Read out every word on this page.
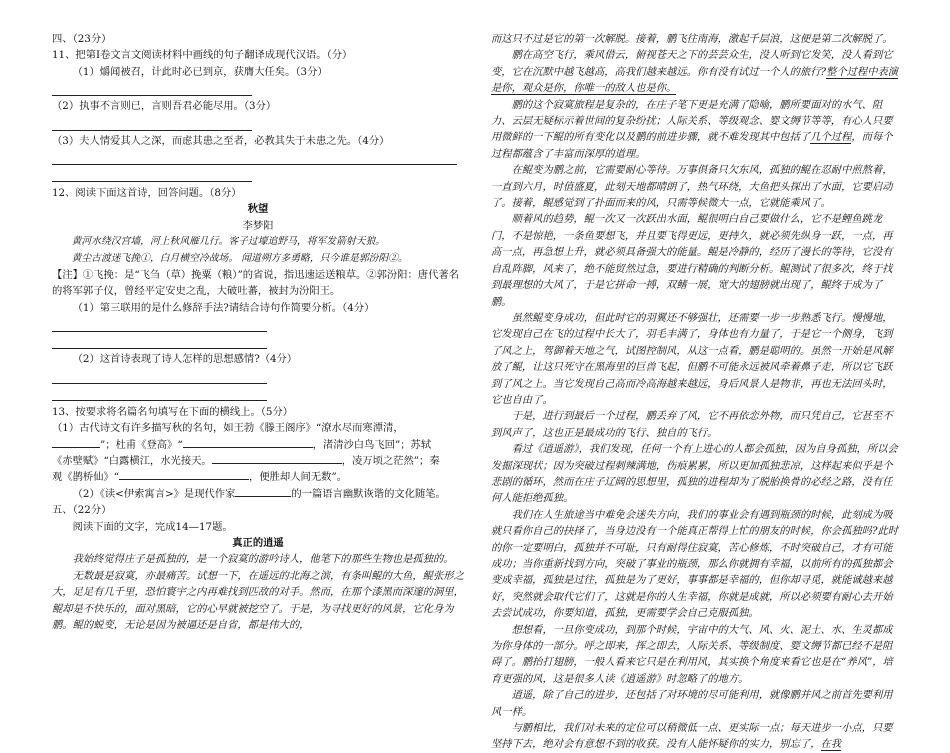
四、（23分）

11、把第Ⅰ卷文言文阅读材料中画线的句子翻译成现代汉语。（分）

（1）爝闻被召，计此时必已到京，获膺大任矣。（3分）

（2）执事不言则已，言则吾君必能尽用。（3分）

（3）夫人情爱其人之深，而虑其患之至者，必教其失于未患之先。（4分）

12、阅读下面这首诗，回答问题。（8分）

秋望

李梦阳

黄河水绕汉宫墙，河上秋风雁几行。客子过壕追野马，将军发箭射天狼。

黄尘古渡迷飞挽①，白月横空冷战场。 闻道朔方多勇略，只今谁是郭汾阳②。

【注】①飞挽：是“飞刍（草）挽粟（粮）”的省说，指迅速运送粮草。②郭汾阳：唐代著名的将军郭子仪，曾经平定安史之乱，大破吐蕃，被封为汾阳王。

（1）第三联用的是什么修辞手法?请结合诗句作简要分析。（4分）

（2）这首诗表现了诗人怎样的思想感情?（4分）

13、按要求将名篇名句填写在下面的横线上。（5分）

（1）古代诗文有许多描写秋的名句，如王勃《滕王阁序》“潦水尽而寒潭清，

”；杜甫《登高》“	，渚清沙白鸟飞回”；苏轼

《赤壁赋》“白露横江，水光接天。	，凌万顷之茫然”；秦

观《鹊桥仙》“	，便胜却人间无数”。

（2）《读<伊索寓言>》是现代作家	的一篇语言幽默诙谐的文化随笔。

五、（22分）

阅读下面的文字，完成14—17题。

真正的逍遥

我始终觉得庄子是孤独的，是一个寂寞的游吟诗人，他笔下的那些生物也是孤独的。

无数最是寂寞，亦最痛苦。试想一下，在遥远的北海之滨，有条叫鲲的大鱼，鲲张形之大，足足有几千里，恐怕寰宇之内再难找到匹敌的对手。然而，在那个漆黑而深邃的洞里，鲲却是不快乐的，面对黑暗，它的心早就被挖空了。于是，为寻找更好的风景，它化身为鹏。鲲的蜕变，无论是因为被逼还是自省，都是伟大的，

而这只不过是它的第一次解脱。接着，鹏飞往南海，激起千层浪，这便是第二次解脱了。

鹏在高空飞行，乘风借云，俯视苍天之下的芸芸众生，没人听到它发笑，没人看到它变，它在沉默中越飞越高，高我们越来越远。你有没有试过一个人的旅行?整个过程中表演是你，观众是你，你唯一的敌人也是你。

鹏的这个寂寞旅程是复杂的，在庄子笔下更是充满了隐喻，鹏所要面对的水气、阻力、云层无疑标示着世间的复杂纷扰；人际关系、等级观念、婴文缛节等等，有心人只要用微鲜的一下鲲的所有变化以及鹏的前进步骤，就不难发现其中包括了几个过程，而每个过程都蕴含了丰富而深厚的道理。

在鲲变为鹏之前，它需要耐心等待。万事俱备只欠东风，孤独的鲲在忍耐中煎熬着，一直到六月，时值盛夏，此刻天地都晴朗了，热气环绕，大鱼把头探出了水面，它要启动了。接着，鲲感觉到了扑面而来的风，只需等候微大一点，它就能乘风了。

顺着风的趋势，鲲一次又一次跃出水面，鲲很明白自己要做什么，它不是鲤鱼跳龙门，不是惊艳，一条鱼要想飞，并且要飞得更远，更持久，就必须先纵身一跃，一点，再高一点，再急想上升，就必须具备强大的能量。鲲是冷静的，经历了漫长的等待，它没有自乱阵脚，风来了，绝不能贸然过急，要进行精确的判断分析。鲲测试了很多次，终于找到最理想的大风了，于是它拼命一搏，双鳍一展，宽大的翅膀就出现了，鲲终于成为了鹏。

虽然鲲变身成功，但此时它的羽翼还不够强壮，还需要一步一步熟悉飞行。慢慢地，它发现自己在飞的过程中长大了，羽毛丰满了，身体也有力量了，于是它一个侧身，飞到了风之上，驾御着天地之气，试图控制风，从这一点看，鹏是聪明的。虽然一开始是风解放了鲲，让这只死守在黑海里的巨兽飞起，但鹏不可能永远被风牵着鼻子走，所以它飞跃到了风之上。当它发现自己高而冷高海越来越远，身后风景人是物非，再也无法回头时，它也自由了。

于是，进行到最后一个过程，鹏丢弃了风，它不再依恋外物，而只凭自己，它甚至不到风声了，这也正是最成功的飞行、独自的飞行。

看过《逍遥游》，我们发现，任何一个有上进心的人都会孤独，因为自身孤独，所以会发掘深现状；因为突破过程刺辣满地，伤痕累累，所以更加孤独悲凉，这样起来似乎是个悲剧的循环，然而在庄子辽阔的思想里，孤独的进程却为了脱胎换骨的必经之路，没有任何人能拒绝孤独。

我们在人生旅途当中难免会迷失方向，我们的事业会有遇到瓶颈的时候，此刻成为吸就只看你自己的抉择了，当身边没有一个能真正帮得上忙的朋友的时候，你会孤独吗?此时的你一定要明白，孤独并不可耻，只有耐得住寂寞，苦心修炼，不时突破自己，才有可能成功；当你重新找到方向，突破了事业的瓶颈，那么你就拥有幸福，以前所有的孤独都会变成幸福，孤独是过往，孤独是为了更好，事事都是幸福的，但你却寻觅，就能诚越来越好，突然就会取代它们了，这就是你的人生幸福，你就是成就，所以必须要有耐心去开始去尝试成功，你要知道，孤独，更需要学会自己克服孤独。

想想看，一旦你变成功，到那个时候，宇宙中的大气、风、火、泥土、水、生灵都成为你身体的一部分。呼之即来，挥之即去，人际关系、等级制度、婴文缛节都已经不是阻碍了。鹏抬打翅膀，一般人看来它只是在利用风，其实换个角度来看它也是在“养风”，培育更强的风，这是很多人读《逍遥游》时忽略了的地方。

逍遥，除了自己的进步，还包括了对环境的尽可能利用，就像鹏并风之前首先要利用风一样。

与鹏相比，我们对未来的定位可以稍微低一点、更实际一点；每天进步一小点，只要坚持下去，绝对会有意想不到的收获。没有人能怀疑你的实力，别忘了，在我
